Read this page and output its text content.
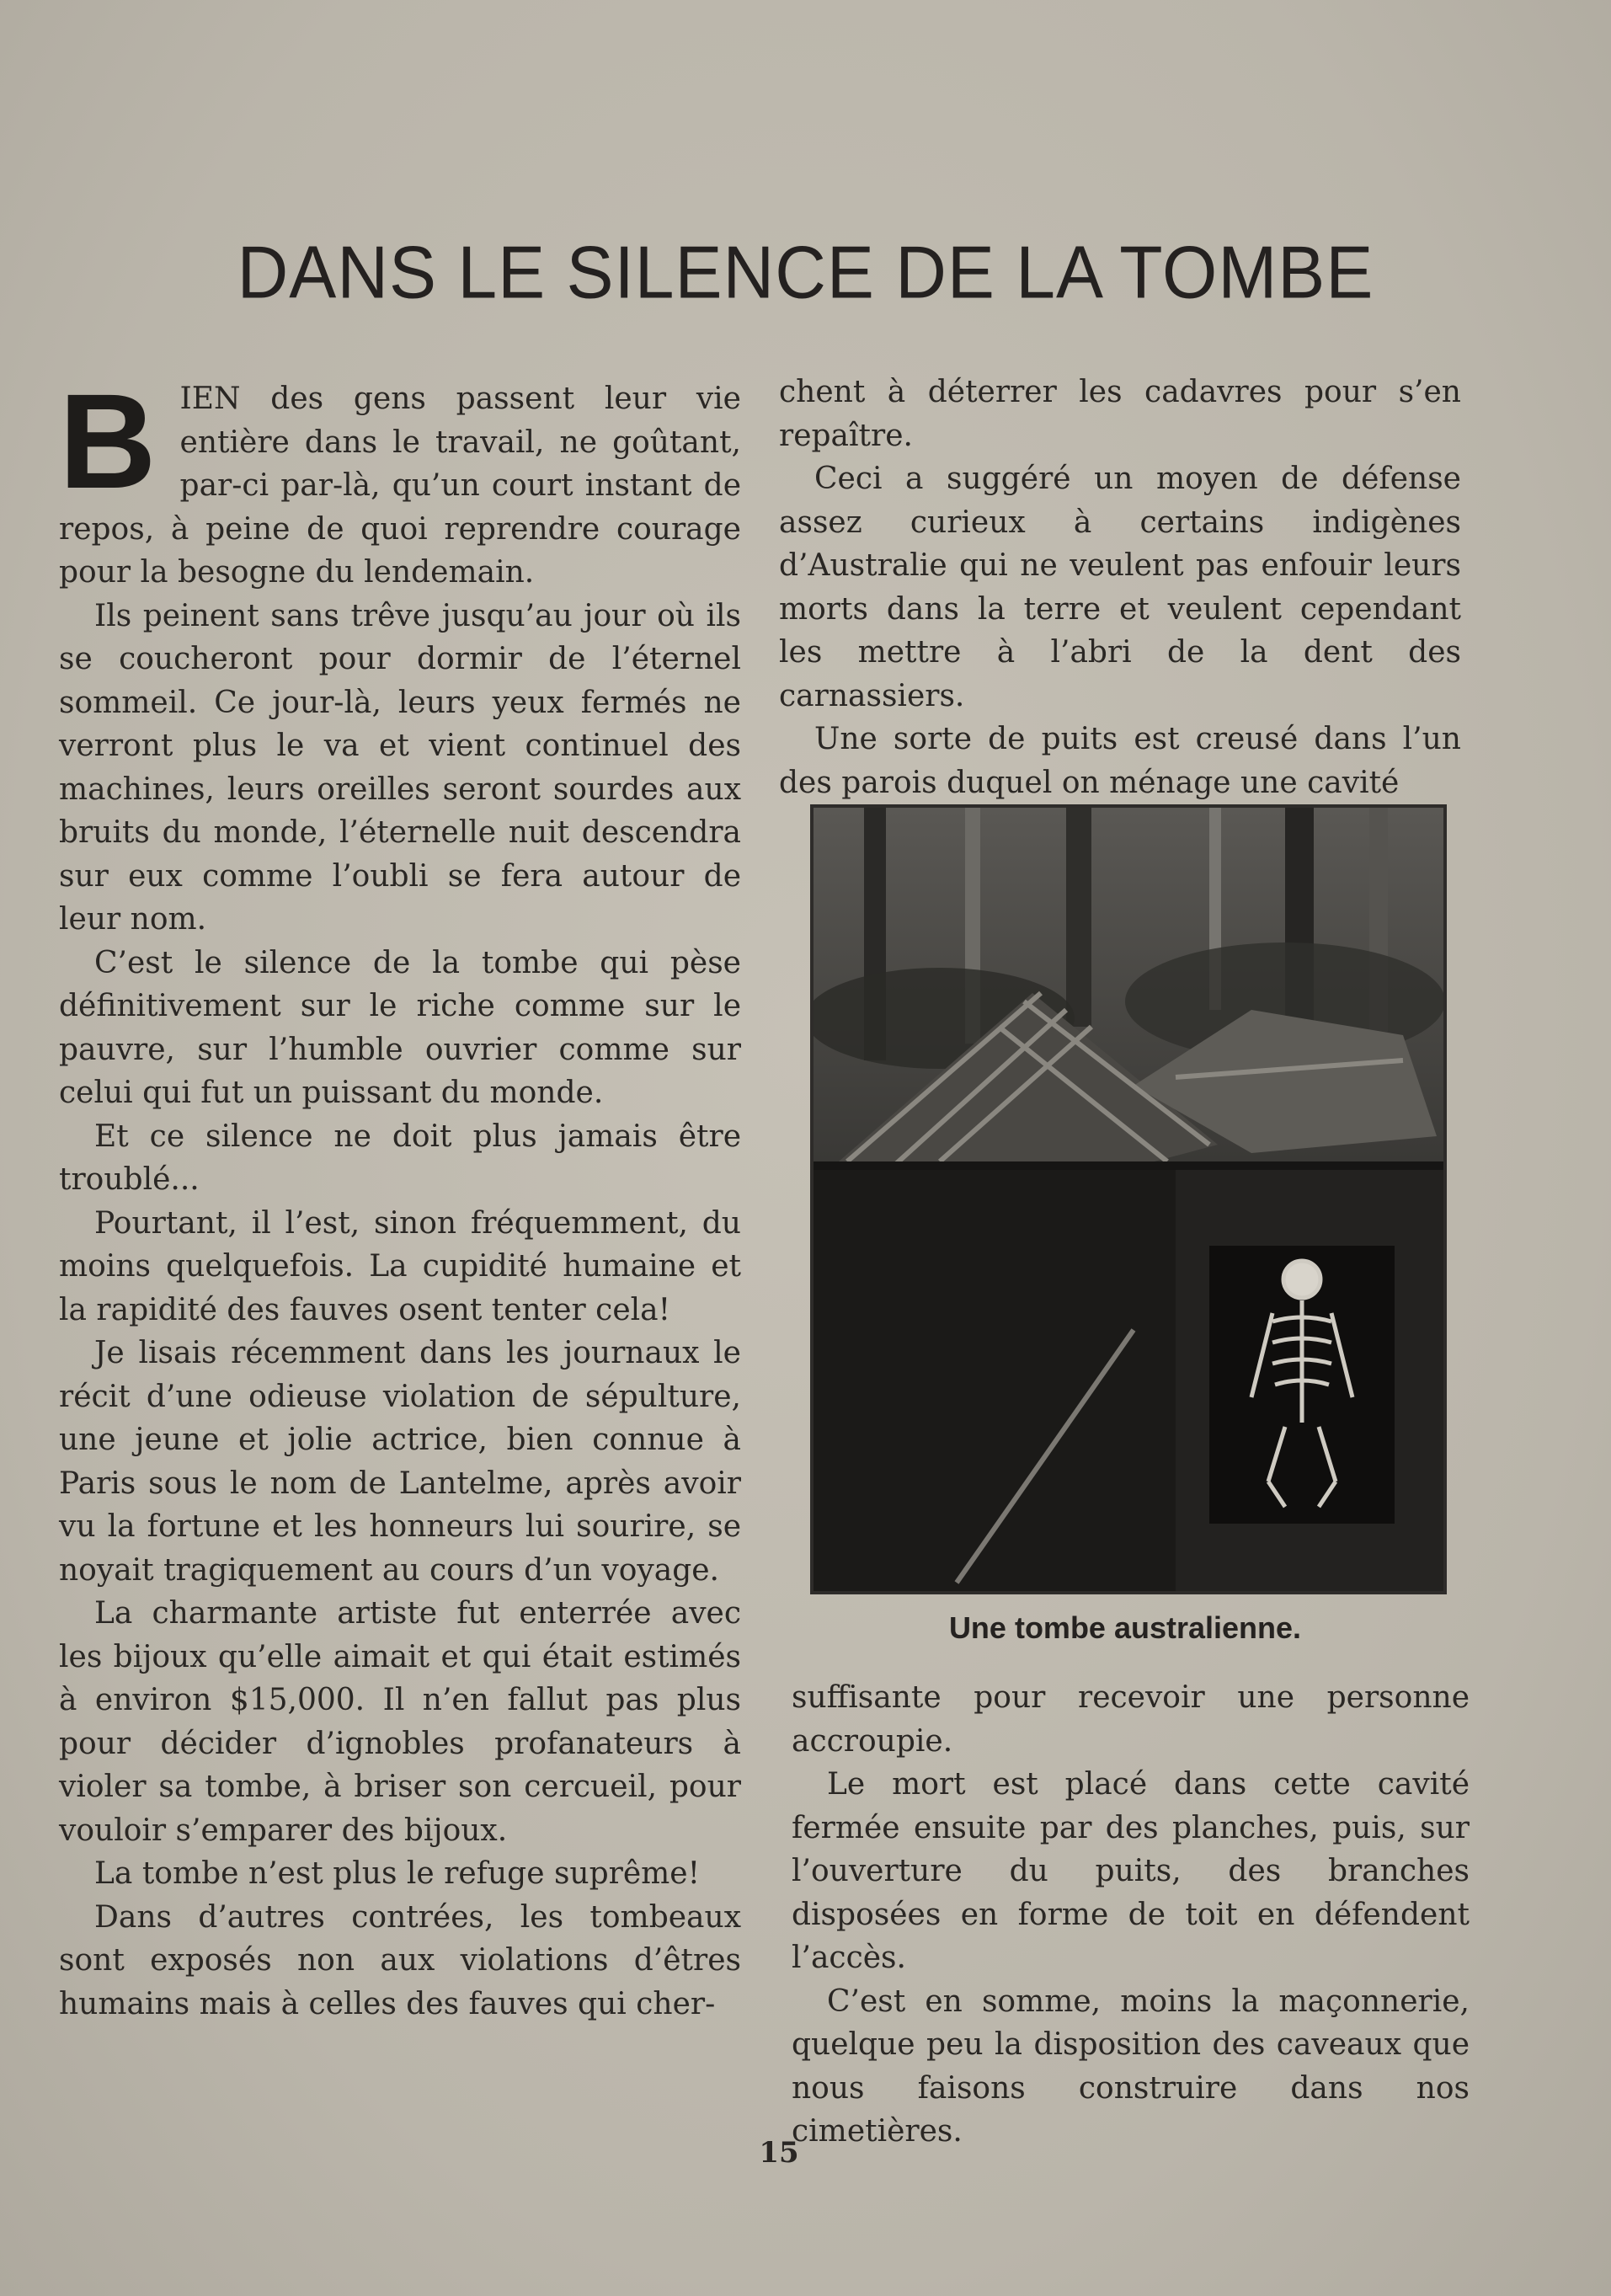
DANS LE SILENCE DE LA TOMBE

BIEN des gens passent leur vie entière dans le travail, ne goûtant, par-ci par-là, qu’un court instant de repos, à peine de quoi reprendre courage pour la besogne du lendemain.

Ils peinent sans trêve jusqu’au jour où ils se coucheront pour dormir de l’éternel sommeil. Ce jour-là, leurs yeux fermés ne verront plus le va et vient continuel des machines, leurs oreilles seront sourdes aux bruits du monde, l’éternelle nuit descendra sur eux comme l’oubli se fera autour de leur nom.

C’est le silence de la tombe qui pèse définitivement sur le riche comme sur le pauvre, sur l’humble ouvrier comme sur celui qui fut un puissant du monde.

Et ce silence ne doit plus jamais être troublé...

Pourtant, il l’est, sinon fréquemment, du moins quelquefois. La cupidité humaine et la rapidité des fauves osent tenter cela!

Je lisais récemment dans les journaux le récit d’une odieuse violation de sépulture, une jeune et jolie actrice, bien connue à Paris sous le nom de Lantelme, après avoir vu la fortune et les honneurs lui sourire, se noyait tragiquement au cours d’un voyage.

La charmante artiste fut enterrée avec les bijoux qu’elle aimait et qui était estimés à environ $15,000. Il n’en fallut pas plus pour décider d’ignobles profanateurs à violer sa tombe, à briser son cercueil, pour vouloir s’emparer des bijoux.

La tombe n’est plus le refuge suprême!

Dans d’autres contrées, les tombeaux sont exposés non aux violations d’êtres humains mais à celles des fauves qui cher-

chent à déterrer les cadavres pour s’en repaître.

Ceci a suggéré un moyen de défense assez curieux à certains indigènes d’Australie qui ne veulent pas enfouir leurs morts dans la terre et veulent cependant les mettre à l’abri de la dent des carnassiers.

Une sorte de puits est creusé dans l’un des parois duquel on ménage une cavité

Une tombe australienne.

suffisante pour recevoir une personne accroupie.

Le mort est placé dans cette cavité fermée ensuite par des planches, puis, sur l’ouverture du puits, des branches disposées en forme de toit en défendent l’accès.

C’est en somme, moins la maçonnerie, quelque peu la disposition des caveaux que nous faisons construire dans nos cimetières.

15
